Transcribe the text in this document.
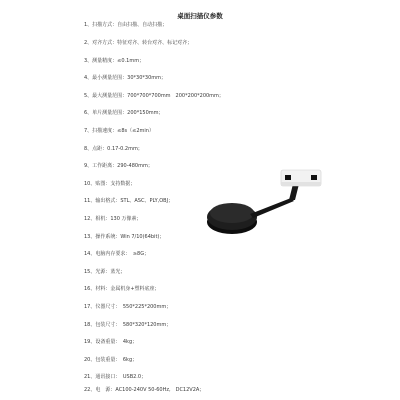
桌面扫描仪参数
1、扫描方式：自由扫描、自动扫描；
2、对齐方式：特征对齐、转台对齐、标记对齐；
3、测量精度：≤0.1mm；
4、最小测量范围：30*30*30mm；
5、最大测量范围：700*700*700mm　200*200*200mm；
6、单片测量范围：200*150mm；
7、扫描速度：≤8s（≤2min）
8、点距：0.17-0.2mm；
9、工作距离：290-480mm；
10、贴图：支持数据；
11、输出格式：STL、ASC、PLY,OBJ；
12、相机：130 万像素；
13、操作系统：Win 7/10(64bit)；
14、电脑内存要求：　≥8G；
15、光源：蓝光；
16、材料：金属机身+塑料底座；
17、仪器尺寸：　550*225*200mm；
18、包装尺寸：　580*320*120mm；
19、设备重量：　4kg；
20、包装重量：　6kg；
21、通讯接口：　USB2.0；
22、电　源：AC100-240V 50-60Hz,　DC12V2A；
